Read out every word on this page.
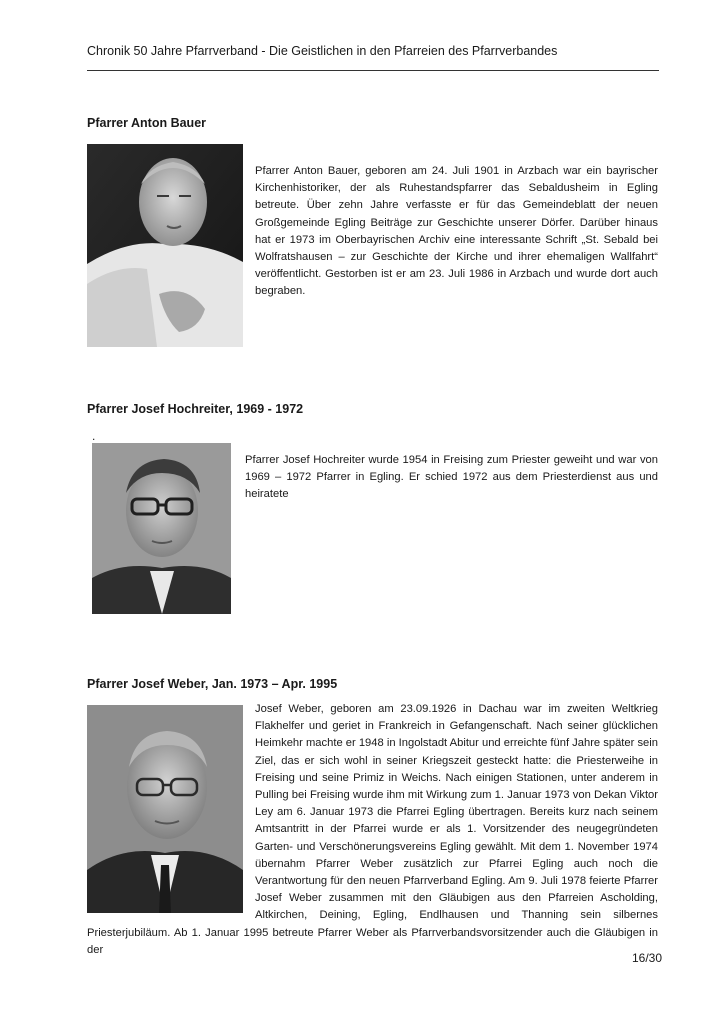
Chronik 50 Jahre Pfarrverband - Die Geistlichen in den Pfarreien des Pfarrverbandes
Pfarrer Anton Bauer

Pfarrer Anton Bauer, geboren am 24. Juli 1901 in Arzbach war ein bayrischer Kirchenhistoriker, der als Ruhestandspfarrer das Sebaldusheim in Egling betreute. Über zehn Jahre verfasste er für das Gemeindeblatt der neuen Großgemeinde Egling Beiträge zur Geschichte unserer Dörfer. Darüber hinaus hat er 1973 im Oberbayrischen Archiv eine interessante Schrift „St. Sebald bei Wolfratshausen – zur Geschichte der Kirche und ihrer ehemaligen Wallfahrt“ veröffentlicht. Gestorben ist er am 23. Juli 1986 in Arzbach und wurde dort auch begraben.

Pfarrer Josef Hochreiter, 1969 - 1972
.

Pfarrer Josef Hochreiter wurde 1954 in Freising zum Priester geweiht und war von 1969 – 1972 Pfarrer in Egling. Er schied 1972 aus dem Priesterdienst aus und heiratete

Pfarrer Josef Weber, Jan. 1973 – Apr. 1995

Josef Weber, geboren am 23.09.1926 in Dachau war im zweiten Weltkrieg Flakhelfer und geriet in Frankreich in Gefangenschaft. Nach seiner glücklichen Heimkehr machte er 1948 in Ingolstadt Abitur und erreichte fünf Jahre später sein Ziel, das er sich wohl in seiner Kriegszeit gesteckt hatte: die Priesterweihe in Freising und seine Primiz in Weichs. Nach einigen Stationen, unter anderem in Pulling bei Freising wurde ihm mit Wirkung zum 1. Januar 1973 von Dekan Viktor Ley am 6. Januar 1973 die Pfarrei Egling übertragen. Bereits kurz nach seinem Amtsantritt in der Pfarrei wurde er als 1. Vorsitzender des neugegründeten Garten- und Verschönerungsvereins Egling gewählt. Mit dem 1. November 1974 übernahm Pfarrer Weber zusätzlich zur Pfarrei Egling auch noch die Verantwortung für den neuen Pfarrverband Egling. Am 9. Juli 1978 feierte Pfarrer Josef Weber zusammen mit den Gläubigen aus den Pfarreien Ascholding, Altkirchen, Deining, Egling, Endlhausen und Thanning sein silbernes Priesterjubiläum. Ab 1. Januar 1995 betreute Pfarrer Weber als Pfarrverbandsvorsitzender auch die Gläubigen in der
16/30
